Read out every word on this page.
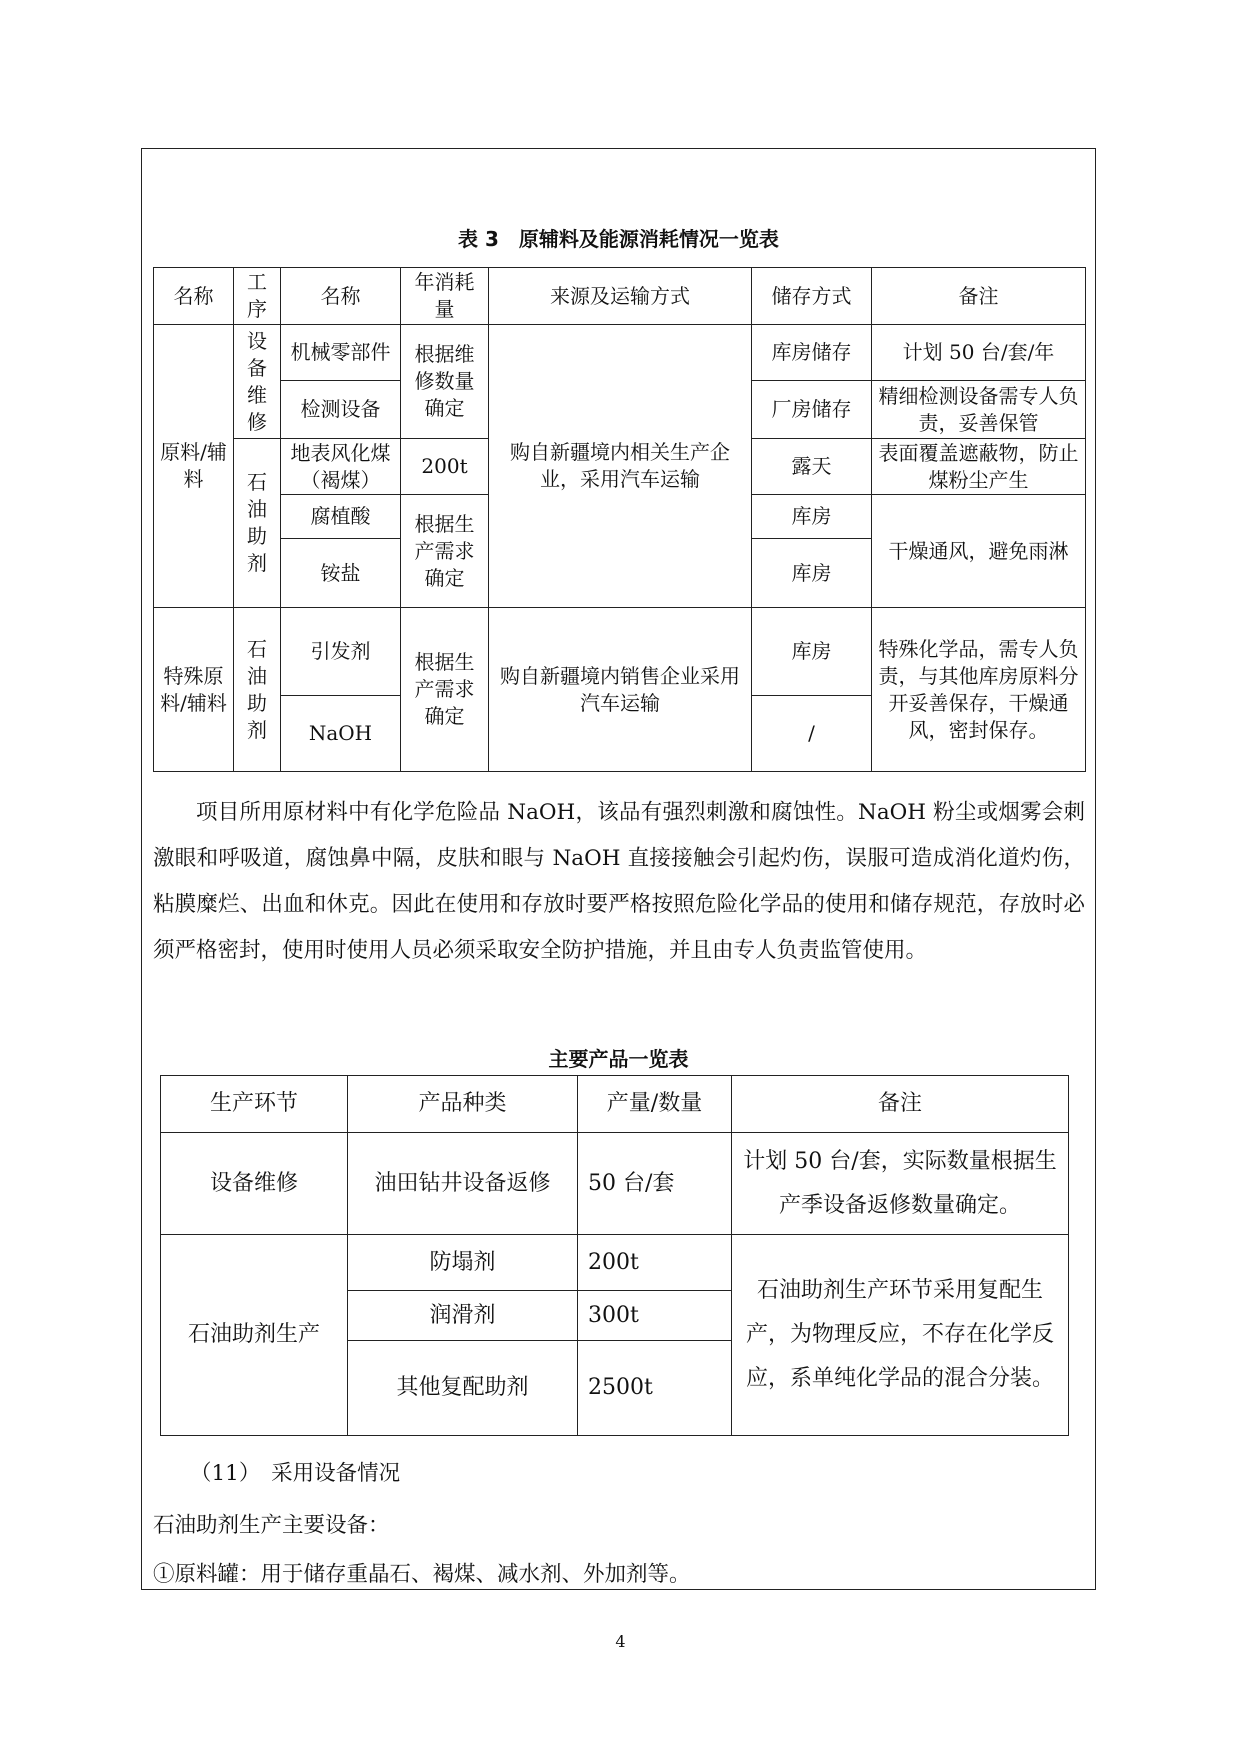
表 3　原辅料及能源消耗情况一览表
名称	工序	名称	年消耗量	来源及运输方式	储存方式	备注
原料/辅料	设备维修	机械零部件	根据维修数量确定	购自新疆境内相关生产企业，采用汽车运输	库房储存	计划 50 台/套/年
		检测设备			厂房储存	精细检测设备需专人负责，妥善保管
	石油助剂	地表风化煤（褐煤）	200t		露天	表面覆盖遮蔽物，防止煤粉尘产生
		腐植酸	根据生产需求确定		库房	干燥通风，避免雨淋
		铵盐			库房	
特殊原料/辅料	石油助剂	引发剂	根据生产需求确定	购自新疆境内销售企业采用汽车运输	库房	特殊化学品，需专人负责，与其他库房原料分开妥善保存，干燥通风，密封保存。
		NaOH			/	

项目所用原材料中有化学危险品 NaOH，该品有强烈刺激和腐蚀性。NaOH 粉尘或烟雾会刺激眼和呼吸道，腐蚀鼻中隔，皮肤和眼与 NaOH 直接接触会引起灼伤，误服可造成消化道灼伤，粘膜糜烂、出血和休克。因此在使用和存放时要严格按照危险化学品的使用和储存规范，存放时必须严格密封，使用时使用人员必须采取安全防护措施，并且由专人负责监管使用。

主要产品一览表
生产环节	产品种类	产量/数量	备注
设备维修	油田钻井设备返修	50 台/套	计划 50 台/套，实际数量根据生产季设备返修数量确定。
石油助剂生产	防塌剂	200t	石油助剂生产环节采用复配生产，为物理反应，不存在化学反应，系单纯化学品的混合分装。
	润滑剂	300t	
	其他复配助剂	2500t	

（11）　采用设备情况

石油助剂生产主要设备：

①原料罐：用于储存重晶石、褐煤、减水剂、外加剂等。

4
